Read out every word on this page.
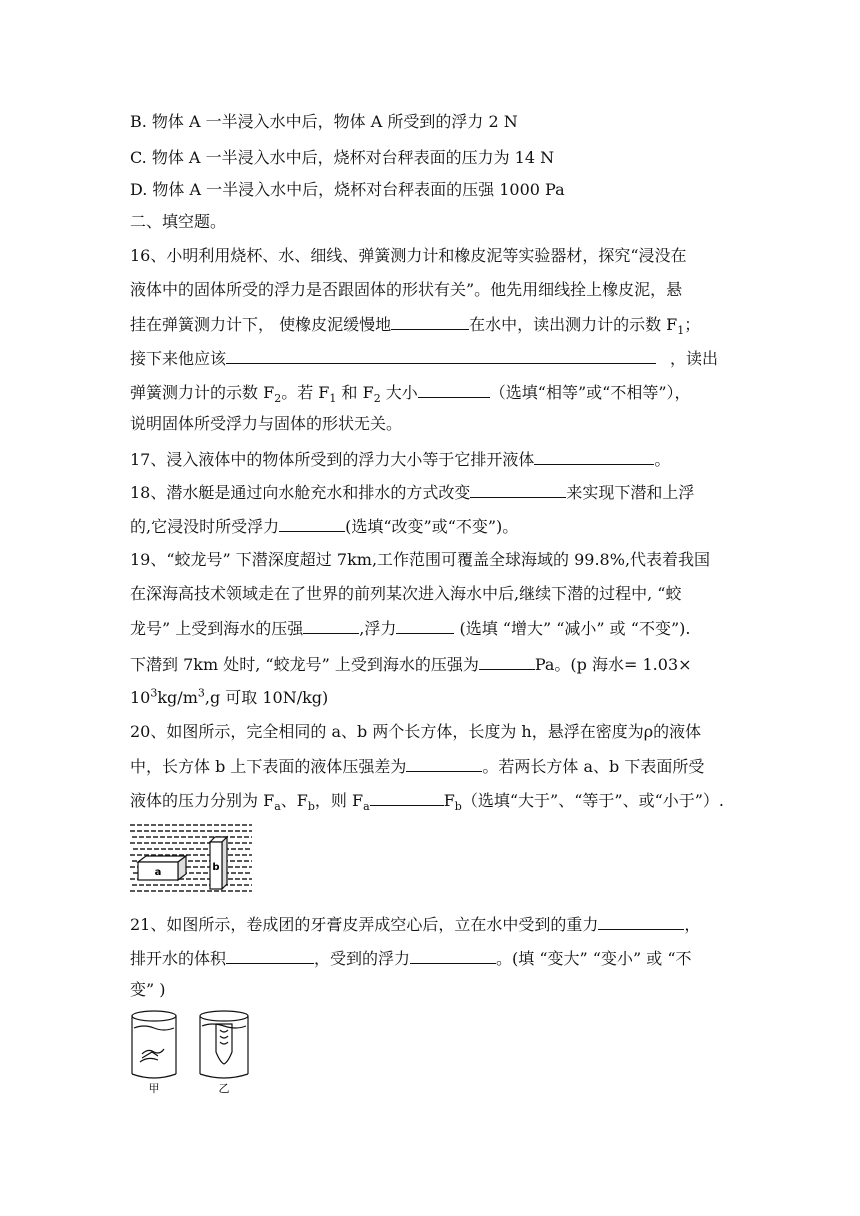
B. 物体 A 一半浸入水中后，物体 A 所受到的浮力 2 N
C. 物体 A 一半浸入水中后，烧杯对台秤表面的压力为 14 N
D. 物体 A 一半浸入水中后，烧杯对台秤表面的压强 1000 Pa
二、填空题。
16、小明利用烧杯、水、细线、弹簧测力计和橡皮泥等实验器材，探究“浸没在
液体中的固体所受的浮力是否跟固体的形状有关”。他先用细线拴上橡皮泥，悬
挂在弹簧测力计下， 使橡皮泥缓慢地	在水中，读出测力计的示数 $F_1$；
接下来他应该	，读出
弹簧测力计的示数 $F_2$。若 $F_1$ 和 $F_2$ 大小	（选填“相等”或“不相等”），
说明固体所受浮力与固体的形状无关。
17、浸入液体中的物体所受到的浮力大小等于它排开液体	。
18、潜水艇是通过向水舱充水和排水的方式改变	来实现下潜和上浮
的,它浸没时所受浮力	(选填“改变”或“不变”)。
19、“蛟龙号” 下潜深度超过 7km,工作范围可覆盖全球海域的 99.8%,代表着我国
在深海高技术领域走在了世界的前列某次进入海水中后,继续下潜的过程中, “蛟
龙号” 上受到海水的压强	,浮力	(选填 “增大” “减小” 或 “不变”).
下潜到 7km 处时, “蛟龙号” 上受到海水的压强为	Pa。(p 海水= 1.03×
$10^3kg/m^3,g$ 可取 10N/kg)
20、如图所示，完全相同的 a、b 两个长方体，长度为 h，悬浮在密度为ρ的液体
中，长方体 b 上下表面的液体压强差为	。若两长方体 a、b 下表面所受
液体的压力分别为 $F_a$、$F_b$，则 $F_a$	$F_b$（选填“大于”、“等于”、或“小于”）.
a	b
21、如图所示，卷成团的牙膏皮弄成空心后，立在水中受到的重力	，
排开水的体积	，受到的浮力	。(填 “变大” “变小” 或 “不
变” )
甲	乙
